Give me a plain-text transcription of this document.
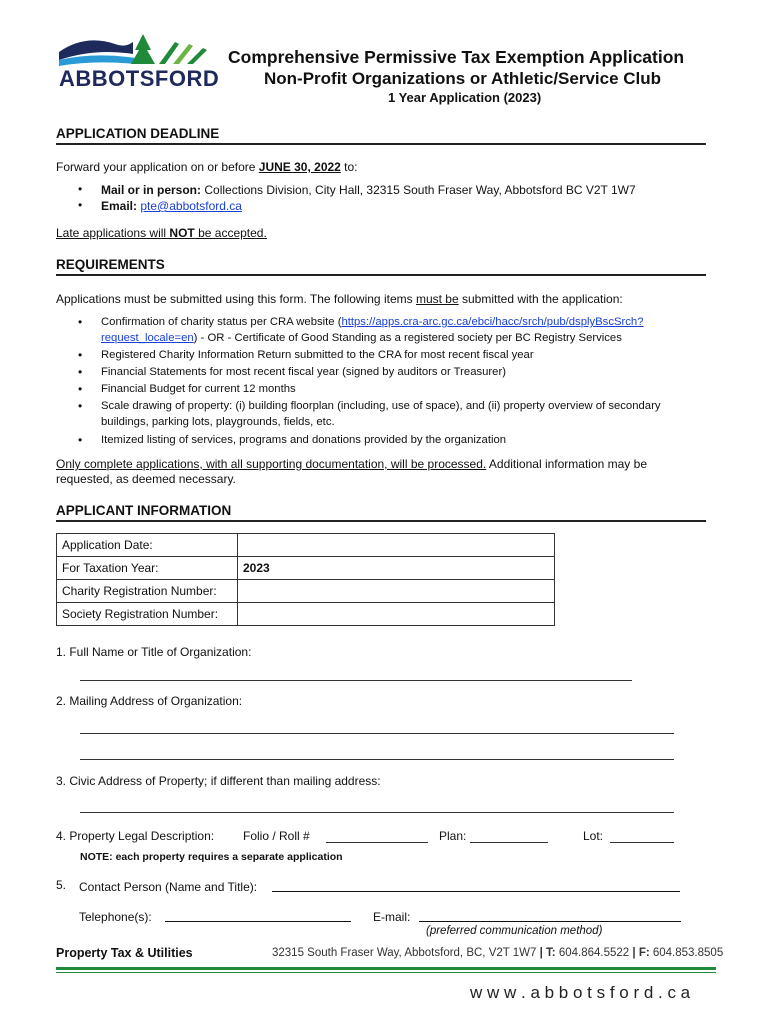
ABBOTSFORD
Comprehensive Permissive Tax Exemption Application
Non-Profit Organizations or Athletic/Service Club
1 Year Application (2023)
APPLICATION DEADLINE
Forward your application on or before JUNE 30, 2022 to:
• Mail or in person: Collections Division, City Hall, 32315 South Fraser Way, Abbotsford BC V2T 1W7
• Email: pte@abbotsford.ca
Late applications will NOT be accepted.
REQUIREMENTS
Applications must be submitted using this form. The following items must be submitted with the application:
• Confirmation of charity status per CRA website (https://apps.cra-arc.gc.ca/ebci/hacc/srch/pub/dsplyBscSrch?
request_locale=en) - OR - Certificate of Good Standing as a registered society per BC Registry Services
• Registered Charity Information Return submitted to the CRA for most recent fiscal year
• Financial Statements for most recent fiscal year (signed by auditors or Treasurer)
• Financial Budget for current 12 months
• Scale drawing of property: (i) building floorplan (including, use of space), and (ii) property overview of secondary
buildings, parking lots, playgrounds, fields, etc.
• Itemized listing of services, programs and donations provided by the organization
Only complete applications, with all supporting documentation, will be processed. Additional information may be
requested, as deemed necessary.
APPLICANT INFORMATION
Application Date:	
For Taxation Year:	2023
Charity Registration Number:	
Society Registration Number:	
1. Full Name or Title of Organization:
2. Mailing Address of Organization:
3. Civic Address of Property; if different than mailing address:
4. Property Legal Description: Folio / Roll #	Plan:	Lot:
NOTE: each property requires a separate application
5. Contact Person (Name and Title):
Telephone(s):	E-mail:
(preferred communication method)
Property Tax & Utilities	32315 South Fraser Way, Abbotsford, BC, V2T 1W7 | T: 604.864.5522 | F: 604.853.8505
w w w . a b b o t s f o r d . c a
